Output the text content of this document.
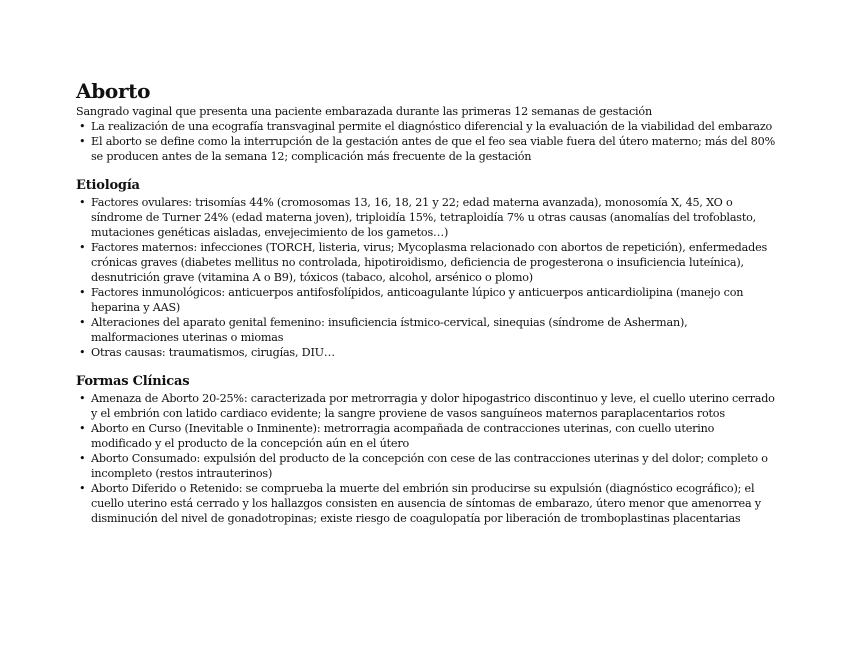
Aborto

Sangrado vaginal que presenta una paciente embarazada durante las primeras 12 semanas de gestación

• La realización de una ecografía transvaginal permite el diagnóstico diferencial y la evaluación de la viabilidad del embarazo
• El aborto se define como la interrupción de la gestación antes de que el feo sea viable fuera del útero materno; más del 80% se producen antes de la semana 12; complicación más frecuente de la gestación
Etiología
• Factores ovulares: trisomías 44% (cromosomas 13, 16, 18, 21 y 22; edad materna avanzada), monosomía X, 45, XO o síndrome de Turner 24% (edad materna joven), triploidía 15%, tetraploidía 7% u otras causas (anomalías del trofoblasto, mutaciones genéticas aisladas, envejecimiento de los gametos…)
• Factores maternos: infecciones (TORCH, listeria, virus; Mycoplasma relacionado con abortos de repetición), enfermedades crónicas graves (diabetes mellitus no controlada, hipotiroidismo, deficiencia de progesterona o insuficiencia luteínica), desnutrición grave (vitamina A o B9), tóxicos (tabaco, alcohol, arsénico o plomo)
• Factores inmunológicos: anticuerpos antifosfolípidos, anticoagulante lúpico y anticuerpos anticardiolipina (manejo con heparina y AAS)
• Alteraciones del aparato genital femenino: insuficiencia ístmico-cervical, sinequias (síndrome de Asherman), malformaciones uterinas o miomas
• Otras causas: traumatismos, cirugías, DIU…
Formas Clínicas
• Amenaza de Aborto 20-25%: caracterizada por metrorragia y dolor hipogastrico discontinuo y leve, el cuello uterino cerrado y el embrión con latido cardiaco evidente; la sangre proviene de vasos sanguíneos maternos paraplacentarios rotos
• Aborto en Curso (Inevitable o Inminente): metrorragia acompañada de contracciones uterinas, con cuello uterino modificado y el producto de la concepción aún en el útero
• Aborto Consumado: expulsión del producto de la concepción con cese de las contracciones uterinas y del dolor; completo o incompleto (restos intrauterinos)
• Aborto Diferido o Retenido: se comprueba la muerte del embrión sin producirse su expulsión (diagnóstico ecográfico); el cuello uterino está cerrado y los hallazgos consisten en ausencia de síntomas de embarazo, útero menor que amenorrea y disminución del nivel de gonadotropinas; existe riesgo de coagulopatía por liberación de tromboplastinas placentarias
